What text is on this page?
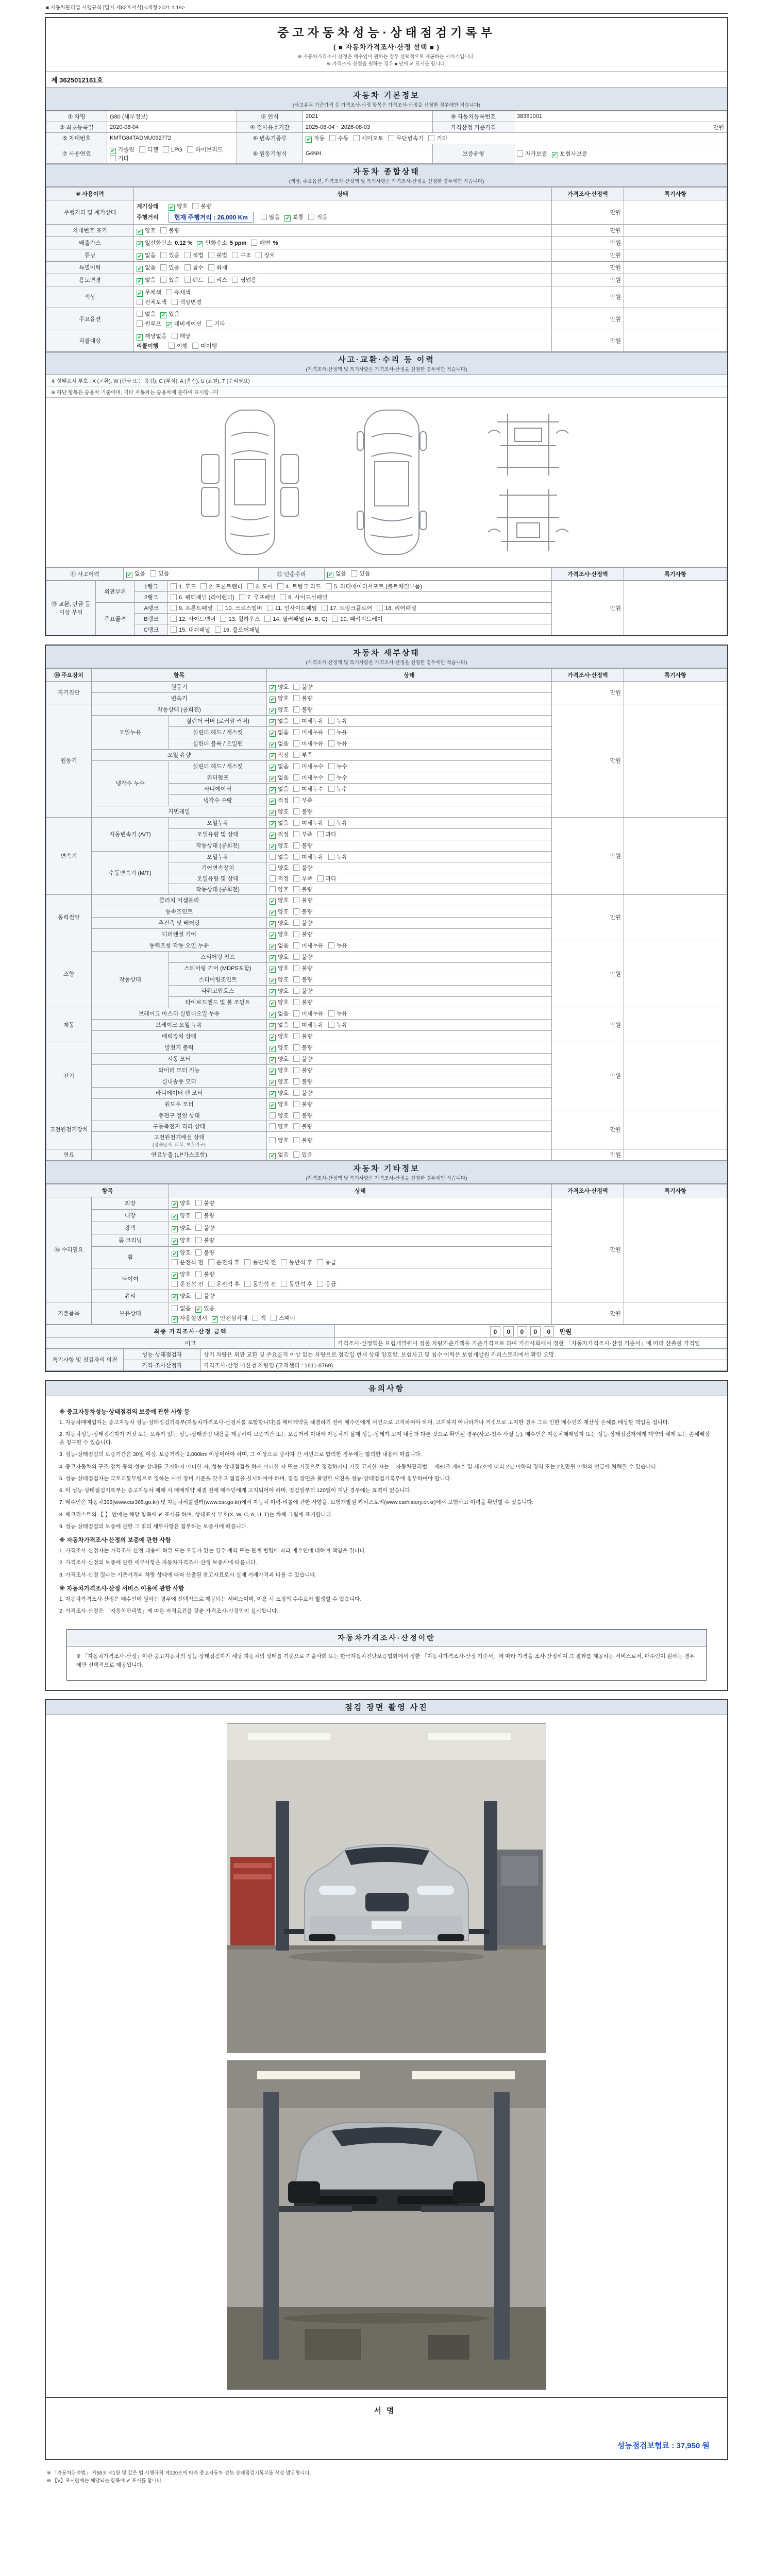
■ 자동차관리법 시행규칙 [별지 제82호서식] <개정 2021.1.19>
중고자동차성능·상태점검기록부
( ■ 자동차가격조사·산정 선택 ■ )
※ 자동차가격조사·산정은 매수인이 원하는 경우 선택적으로 제공하는 서비스입니다.
※ 가격조사·산정을 원하는 경우 ■ 안에 ✔ 표시를 합니다.
제 3625012161호
자동차 기본정보
(사고유무 기준가격 등 가격조사·산정 항목은 가격조사·산정을 신청한 경우에만 적습니다)
① 차명	G80 (세부정보)	② 연식	2021	⑨ 자동차등록번호	38381001
③ 최초등록일	2020-08-04	④ 검사유효기간	2025-08-04 ~ 2026-08-03	가격산정 기준가격	만원
⑤ 차대번호	KMTG84TADMU092772	⑥ 변속기종류	✔ 자동 수동 세미오토 무단변속기 기타		
⑦ 사용연료	✔ 가솔린 디젤 LPG 하이브리드기타	⑧ 원동기형식	G4NH	보증유형	자가보증 ✔ 보험사보증
자동차 종합상태
(색상, 주요옵션, 가격조사·산정액 및 특기사항은 가격조사·산정을 신청한 경우에만 적습니다)
⑩ 사용이력	상태	가격조사·산정액	특기사항
주행거리 및 계기상태	계기상태 ✔ 양호 불량
주행거리 현재 주행거리 : 26,000 Km 많음 ✔ 보통 적음	만원	
차대번호 표기	✔ 양호 불량	만원	
배출가스	✔ 일산화탄소 0.12 % ✔ 탄화수소 5 ppm 매연 %	만원	
튜닝	✔ 없음 있음 적법 불법 구조 장치	만원	
특별이력	✔ 없음 있음 침수 화재	만원	
용도변경	✔ 없음 있음 렌트 리스 영업용	만원	
색상	✔ 무채색 유채색
전체도색 색상변경	만원	
주요옵션	없음 ✔ 있음
썬루프 ✔ 네비게이션 기타	만원	
리콜대상	✔ 해당없음 해당
리콜이행 이행 미이행	만원	
사고·교환·수리 등 이력
(가격조사·산정액 및 특기사항은 가격조사·산정을 신청한 경우에만 적습니다)
※ 상태표시 부호 : X (교환), W (판금 또는 용접), C (부식), A (흠집), U (요철), T (수리필요)
※ 하단 항목은 승용차 기준이며, 기타 자동차는 승용차에 준하여 표시합니다.
⑪ 사고이력	✔ 없음 있음	⑫ 단순수리	✔ 없음 있음	가격조사·산정액	특기사항
⑬ 교환, 판금 등 이상 부위	외판부위	1랭크	1. 후드 2. 프론트펜더 3. 도어 4. 트렁크 리드 5. 라디에이터서포트 (볼트체결부품)	만원	
		2랭크	6. 쿼터패널 (리어펜더) 7. 루프패널 8. 사이드실패널		
	주요골격	A랭크	9. 프론트패널 10. 크로스멤버 11. 인사이드패널 17. 트렁크플로어 18. 리어패널		
		B랭크	12. 사이드멤버 13. 휠하우스 14. 필러패널 (A, B, C) 19. 패키지트레이		
		C랭크	15. 대쉬패널 16. 플로어패널		
자동차 세부상태
(가격조사·산정액 및 특기사항은 가격조사·산정을 신청한 경우에만 적습니다)
⑭ 주요장치	항목		상태	가격조사·산정액	특기사항
자기진단	원동기		✔ 양호 불량	만원	
	변속기		✔ 양호 불량		
원동기	작동상태 (공회전)		✔ 양호 불량	만원	
	오일누유	실린더 커버 (로커암 커버)	✔ 없음 미세누유 누유		
		실린더 헤드 / 개스킷	✔ 없음 미세누유 누유		
		실린더 블록 / 오일팬	✔ 없음 미세누유 누유		
	오일 유량		✔ 적정 부족		
	냉각수 누수	실린더 헤드 / 개스킷	✔ 없음 미세누수 누수		
		워터펌프	✔ 없음 미세누수 누수		
		라디에이터	✔ 없음 미세누수 누수		
		냉각수 수량	✔ 적정 부족		
	커먼레일		✔ 양호 불량		
변속기	자동변속기 (A/T)	오일누유	✔ 없음 미세누유 누유	만원	
		오일유량 및 상태	✔ 적정 부족 과다		
		작동상태 (공회전)	✔ 양호 불량		
	수동변속기 (M/T)	오일누유	없음 미세누유 누유		
		기어변속장치	양호 불량		
		오일유량 및 상태	적정 부족 과다		
		작동상태 (공회전)	양호 불량		
동력전달	클러치 어셈블리		✔ 양호 불량	만원	
	등속조인트		✔ 양호 불량		
	추진축 및 베어링		✔ 양호 불량		
	디퍼렌셜 기어		✔ 양호 불량		
조향	동력조향 작동 오일 누유		✔ 없음 미세누유 누유	만원	
	작동상태	스티어링 펌프	✔ 양호 불량		
		스티어링 기어 (MDPS포함)	✔ 양호 불량		
		스티어링조인트	✔ 양호 불량		
		파워고압호스	✔ 양호 불량		
		타이로드엔드 및 볼 조인트	✔ 양호 불량		
제동	브레이크 마스터 실린더오일 누유		✔ 없음 미세누유 누유	만원	
	브레이크 오일 누유		✔ 없음 미세누유 누유		
	배력장치 상태		✔ 양호 불량		
전기	발전기 출력		✔ 양호 불량	만원	
	시동 모터		✔ 양호 불량		
	와이퍼 모터 기능		✔ 양호 불량		
	실내송풍 모터		✔ 양호 불량		
	라디에이터 팬 모터		✔ 양호 불량		
	윈도우 모터		✔ 양호 불량		
고전원전기장치	충전구 절연 상태		양호 불량	만원	
	구동축전지 격리 상태		양호 불량		
	고전원전기배선 상태
(접속단자, 피복, 보호기구)		양호 불량		
연료	연료누출 (LP가스포함)		✔ 없음 있음	만원	
자동차 기타정보
(가격조사·산정액 및 특기사항은 가격조사·산정을 신청한 경우에만 적습니다)
항목		상태	가격조사·산정액	특기사항
⑮ 수리필요	외장	✔ 양호 불량	만원	
	내장	✔ 양호 불량		

	광택	✔ 양호 불량		

	룸 크리닝	✔ 양호 불량		

	휠	✔ 양호 불량
운전석 전 운전석 후 동반석 전 동반석 후 응급		

	타이어	✔ 양호 불량
운전석 전 운전석 후 동반석 전 동반석 후 응급		

	유리	✔ 양호 불량		

기본품목	보유상태	없음 ✔ 있음
✔ 사용설명서 ✔ 안전삼각대 잭 스패너	만원	
최종 가격조사·산정 금액	0 0 0 0 0 만원
비고	가격조사·산정액은 보험개발원이 정한 차량기준가액을 기준가격으로 하여 기술사회에서 정한 「자동차가격조사·산정 기준서」에 따라 산출한 가격임
특기사항 및 점검자의 의견	성능·상태점검자	상기 차량은 외판 교환 및 주요골격 이상 없는 차량으로 점검일 현재 상태 양호함. 보험사고 및 침수 이력은 보험개발원 카히스토리에서 확인 요망.
	가격·조사산정자	가격조사·산정 미신청 차량임 (고객센터 : 1811-8769)
유의사항
※ 중고자동차성능·상태점검의 보증에 관한 사항 등
1. 자동차매매업자는 중고자동차 성능·상태점검기록부(자동차가격조사·산정서를 포함합니다)를 매매계약을 체결하기 전에 매수인에게 서면으로 고지하여야 하며, 고지하지 아니하거나 거짓으로 고지한 경우 그로 인한 매수인의 재산상 손해를 배상할 책임을 집니다.
2. 자동차성능·상태점검자가 거짓 또는 오류가 있는 성능·상태점검 내용을 제공하여 보증기간 또는 보증거리 이내에 자동차의 실제 성능·상태가 고지 내용과 다른 것으로 확인된 경우(사고·침수 사실 등), 매수인은 자동차매매업자 또는 성능·상태점검자에게 계약의 해제 또는 손해배상을 청구할 수 있습니다.
3. 성능·상태점검의 보증기간은 30일 이상, 보증거리는 2,000km 이상이어야 하며, 그 이상으로 당사자 간 서면으로 합의한 경우에는 합의한 내용에 따릅니다.
4. 중고자동차의 구조·장치 등의 성능·상태를 고지하지 아니한 자, 성능·상태점검을 하지 아니한 자 또는 거짓으로 점검하거나 거짓 고지한 자는 「자동차관리법」 제80조 제6호 및 제7호에 따라 2년 이하의 징역 또는 2천만원 이하의 벌금에 처해질 수 있습니다.
5. 성능·상태점검자는 국토교통부령으로 정하는 시설·장비 기준을 갖추고 점검을 실시하여야 하며, 점검 장면을 촬영한 사진을 성능·상태점검기록부에 첨부하여야 합니다.
6. 이 성능·상태점검기록부는 중고자동차 매매 시 매매계약 체결 전에 매수인에게 고지되어야 하며, 점검일부터 120일이 지난 경우에는 효력이 없습니다.
7. 매수인은 자동차365(www.car365.go.kr) 및 자동차리콜센터(www.car.go.kr)에서 자동차 이력·리콜에 관한 사항을, 보험개발원 카히스토리(www.carhistory.or.kr)에서 보험사고 이력을 확인할 수 있습니다.
8. 체크리스트의 【 】 안에는 해당 항목에 ✔ 표시를 하며, 상태표시 부호(X, W, C, A, U, T)는 차체 그림에 표기합니다.
9. 성능·상태점검의 보증에 관한 그 밖의 세부사항은 첨부하는 보증서에 따릅니다.
※ 자동차가격조사·산정의 보증에 관한 사항
1. 가격조사·산정자는 가격조사·산정 내용에 허위 또는 오류가 있는 경우 계약 또는 관계 법령에 따라 매수인에 대하여 책임을 집니다.
2. 가격조사·산정의 보증에 관한 세부사항은 자동차가격조사·산정 보증서에 따릅니다.
3. 가격조사·산정 결과는 기준가격과 차량 상태에 따라 산출된 참고자료로서 실제 거래가격과 다를 수 있습니다.
※ 자동차가격조사·산정 서비스 이용에 관한 사항
1. 자동차가격조사·산정은 매수인이 원하는 경우에 선택적으로 제공되는 서비스이며, 이용 시 소정의 수수료가 발생할 수 있습니다.
2. 가격조사·산정은 「자동차관리법」에 따른 자격요건을 갖춘 가격조사·산정인이 실시합니다.
자동차가격조사·산정이란

※ 「자동차가격조사·산정」이란 중고자동차의 성능·상태점검자가 해당 자동차의 상태를 기준으로 기술사회 또는 한국자동차진단보증협회에서 정한 「자동차가격조사·산정 기준서」에 따라 가격을 조사·산정하여 그 결과를 제공하는 서비스로서, 매수인이 원하는 경우에만 선택적으로 제공됩니다.

점검 장면 촬영 사진
서명
성능점검보험료 : 37,950 원
※ 「자동차관리법」 제58조 제1항 및 같은 법 시행규칙 제120조에 따라 중고자동차 성능·상태점검기록부를 작성·발급합니다.
※ 【V】표시란에는 해당되는 항목에 ✔ 표시를 합니다.
